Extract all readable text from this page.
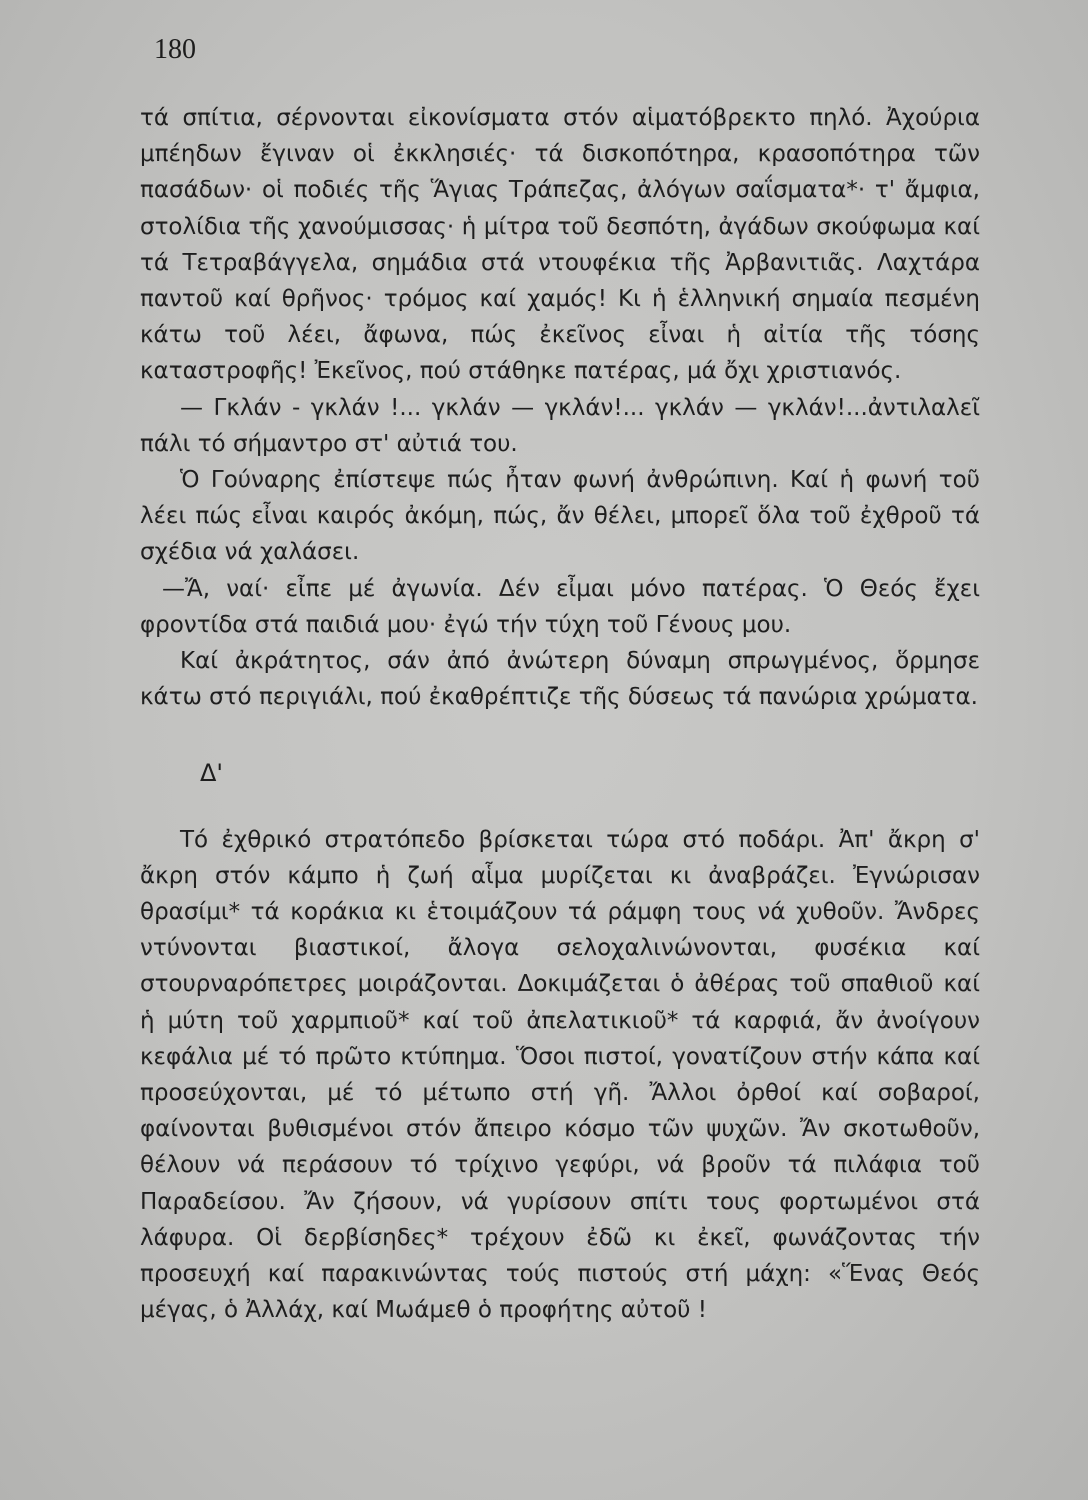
180

τά σπίτια, σέρνονται εἰκονίσματα στόν αἱματόβρεκτο πηλό. Ἀχούρια μπέηδων ἔγιναν οἱ ἐκκλησιές· τά δισκοπότηρα, κρασοπότηρα τῶν πασάδων· οἱ ποδιές τῆς Ἅγιας Τράπεζας, ἀλόγων σαΐσματα*· τ' ἄμφια, στολίδια τῆς χανούμισσας· ἡ μίτρα τοῦ δεσπότη, ἀγάδων σκούφωμα καί τά Τετραβάγγελα, σημάδια στά ντουφέκια τῆς Ἀρβανιτιᾶς. Λαχτάρα παντοῦ καί θρῆνος· τρόμος καί χαμός! Κι ἡ ἑλληνική σημαία πεσμένη κάτω τοῦ λέει, ἄφωνα, πώς ἐκεῖνος εἶναι ἡ αἰτία τῆς τόσης καταστροφῆς! Ἐκεῖνος, πού στάθηκε πατέρας, μά ὄχι χριστιανός.

— Γκλάν - γκλάν !... γκλάν — γκλάν!... γκλάν — γκλάν!...ἀντιλαλεῖ πάλι τό σήμαντρο στ' αὐτιά του.

Ὁ Γούναρης ἐπίστεψε πώς ἦταν φωνή ἀνθρώπινη. Καί ἡ φωνή τοῦ λέει πώς εἶναι καιρός ἀκόμη, πώς, ἄν θέλει, μπορεῖ ὅλα τοῦ ἐχθροῦ τά σχέδια νά χαλάσει.

—Ἄ, ναί· εἶπε μέ ἀγωνία. Δέν εἶμαι μόνο πατέρας. Ὁ Θεός ἔχει φροντίδα στά παιδιά μου· ἐγώ τήν τύχη τοῦ Γένους μου.

Καί ἀκράτητος, σάν ἀπό ἀνώτερη δύναμη σπρωγμένος, ὅρμησε κάτω στό περιγιάλι, πού ἐκαθρέπτιζε τῆς δύσεως τά πανώρια χρώματα.

Δ'

Τό ἐχθρικό στρατόπεδο βρίσκεται τώρα στό ποδάρι. Ἀπ' ἄκρη σ' ἄκρη στόν κάμπο ἡ ζωή αἷμα μυρίζεται κι ἀναβράζει. Ἐγνώρισαν θρασίμι* τά κοράκια κι ἑτοιμάζουν τά ράμφη τους νά χυθοῦν. Ἄνδρες ντύνονται βιαστικοί, ἄλογα σελοχαλινώνονται, φυσέκια καί στουρναρόπετρες μοιράζονται. Δοκιμάζεται ὁ ἀθέρας τοῦ σπαθιοῦ καί ἡ μύτη τοῦ χαρμπιοῦ* καί τοῦ ἀπελατικιοῦ* τά καρφιά, ἄν ἀνοίγουν κεφάλια μέ τό πρῶτο κτύπημα. Ὅσοι πιστοί, γονατίζουν στήν κάπα καί προσεύχονται, μέ τό μέτωπο στή γῆ. Ἄλλοι ὀρθοί καί σοβαροί, φαίνονται βυθισμένοι στόν ἄπειρο κόσμο τῶν ψυχῶν. Ἄν σκοτωθοῦν, θέλουν νά περάσουν τό τρίχινο γεφύρι, νά βροῦν τά πιλάφια τοῦ Παραδείσου. Ἄν ζήσουν, νά γυρίσουν σπίτι τους φορτωμένοι στά λάφυρα. Οἱ δερβίσηδες* τρέχουν ἐδῶ κι ἐκεῖ, φωνάζοντας τήν προσευχή καί παρακινώντας τούς πιστούς στή μάχη: «Ἕνας Θεός μέγας, ὁ Ἀλλάχ, καί Μωάμεθ ὁ προφήτης αὐτοῦ !
